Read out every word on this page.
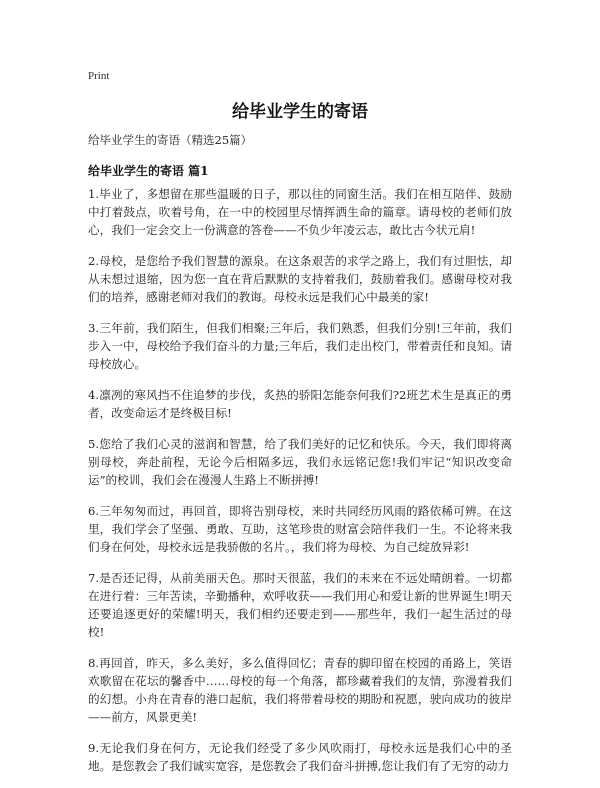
Print
给毕业学生的寄语
给毕业学生的寄语（精选25篇）
给毕业学生的寄语 篇1

1.毕业了，多想留在那些温暖的日子，那以往的同窗生活。我们在相互陪伴、鼓励中打着鼓点，吹着号角，在一中的校园里尽情挥洒生命的篇章。请母校的老师们放心，我们一定会交上一份满意的答卷——不负少年凌云志，敢比古今状元肩!

2.母校，是您给予我们智慧的源泉。在这条艰苦的求学之路上，我们有过胆怯，却从未想过退缩，因为您一直在背后默默的支持着我们，鼓励着我们。感谢母校对我们的培养，感谢老师对我们的教诲。母校永远是我们心中最美的家!

3.三年前，我们陌生，但我们相聚;三年后，我们熟悉，但我们分别!三年前，我们步入一中，母校给予我们奋斗的力量;三年后，我们走出校门，带着责任和良知。请母校放心。

4.凛冽的寒风挡不住追梦的步伐，炙热的骄阳怎能奈何我们?2班艺术生是真正的勇者，改变命运才是终极目标!

5.您给了我们心灵的滋润和智慧，给了我们美好的记忆和快乐。今天，我们即将离别母校，奔赴前程，无论今后相隔多远，我们永远铭记您!我们牢记“知识改变命运”的校训，我们会在漫漫人生路上不断拼搏!

6.三年匆匆而过，再回首，即将告别母校，来时共同经历风雨的路依稀可辨。在这里，我们学会了坚强、勇敢、互助，这笔珍贵的财富会陪伴我们一生。不论将来我们身在何处，母校永远是我骄傲的名片。，我们将为母校、为自己绽放异彩!

7.是否还记得，从前美丽天色。那时天很蓝，我们的未来在不远处晴朗着。一切都在进行着：三年苦读，辛勤播种，欢呼收获——我们用心和爱让新的世界诞生!明天还要追逐更好的荣耀!明天，我们相约还要走到——那些年，我们一起生活过的母校!

8.再回首，昨天，多么美好，多么值得回忆；青春的脚印留在校园的甬路上，笑语欢歌留在花坛的馨香中……母校的每一个角落，都珍藏着我们的友情，弥漫着我们的幻想。小舟在青春的港口起航，我们将带着母校的期盼和祝愿，驶向成功的彼岸——前方，风景更美!

9.无论我们身在何方，无论我们经受了多少风吹雨打，母校永远是我们心中的圣地。是您教会了我们诚实宽容，是您教会了我们奋斗拼搏,您让我们有了无穷的动力
